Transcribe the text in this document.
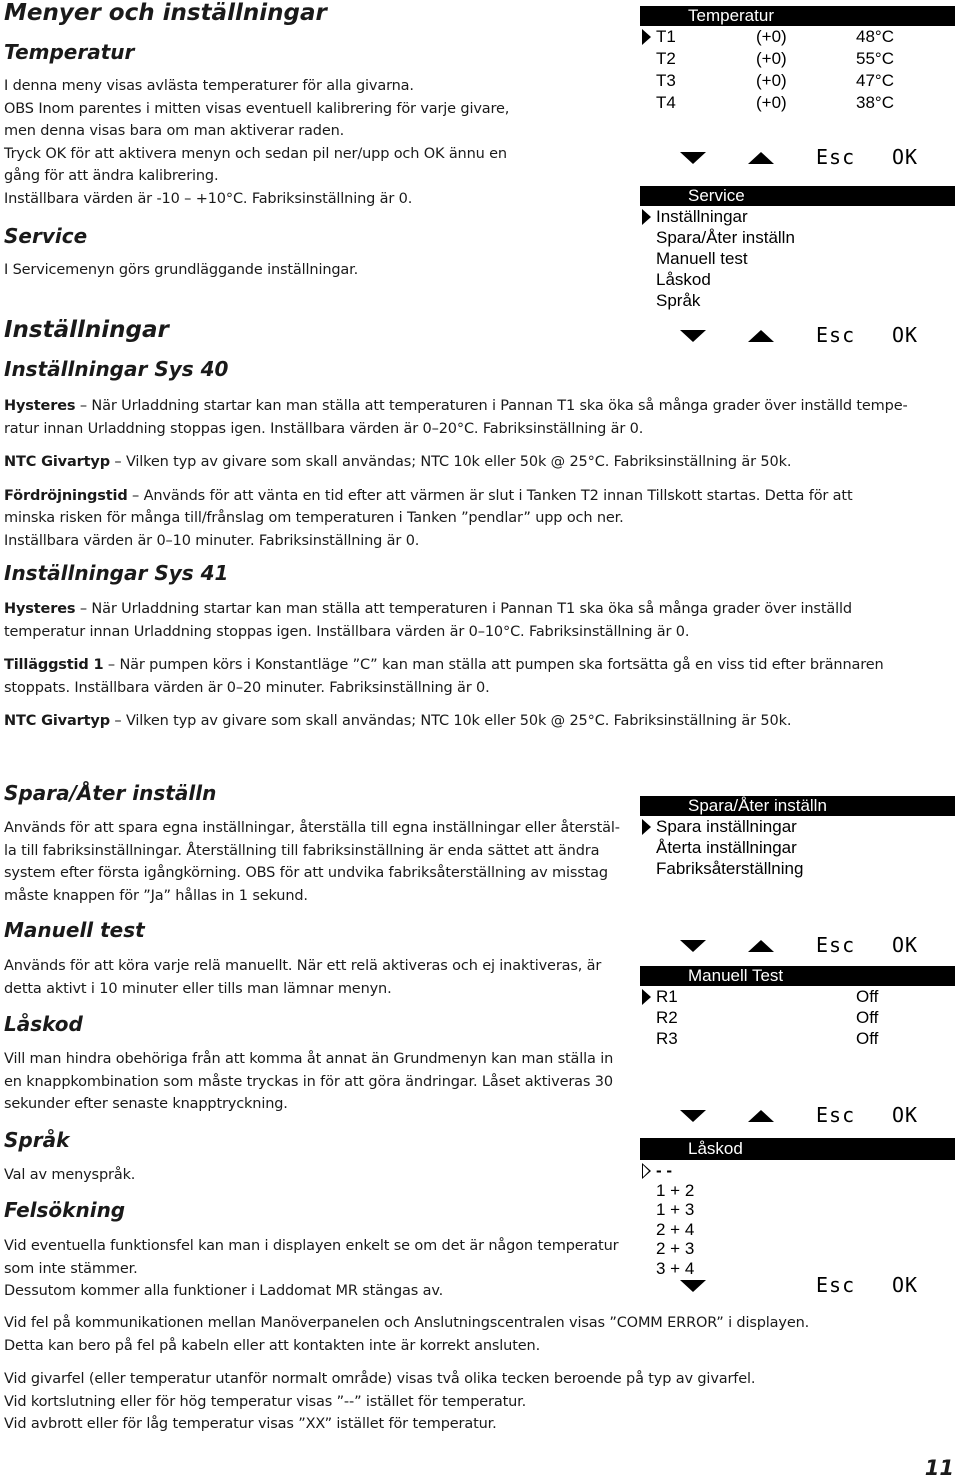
Menyer och inställningar
Temperatur
I denna meny visas avlästa temperaturer för alla givarna.
OBS Inom parentes i mitten visas eventuell kalibrering för varje givare,
men denna visas bara om man aktiverar raden.
Tryck OK för att aktivera menyn och sedan pil ner/upp och OK ännu en
gång för att ändra kalibrering.
Inställbara värden är -10 – +10°C. Fabriksinställning är 0.
Service
I Servicemenyn görs grundläggande inställningar.
Inställningar
Inställningar Sys 40
Hysteres – När Urladdning startar kan man ställa att temperaturen i Pannan T1 ska öka så många grader över inställd tempe-
ratur innan Urladdning stoppas igen. Inställbara värden är 0–20°C. Fabriksinställning är 0.
NTC Givartyp – Vilken typ av givare som skall användas; NTC 10k eller 50k @ 25°C. Fabriksinställning är 50k.
Fördröjningstid – Används för att vänta en tid efter att värmen är slut i Tanken T2 innan Tillskott startas. Detta för att
minska risken för många till/frånslag om temperaturen i Tanken ”pendlar” upp och ner.
Inställbara värden är 0–10 minuter. Fabriksinställning är 0.
Inställningar Sys 41
Hysteres – När Urladdning startar kan man ställa att temperaturen i Pannan T1 ska öka så många grader över inställd
temperatur innan Urladdning stoppas igen. Inställbara värden är 0–10°C. Fabriksinställning är 0.
Tilläggstid 1 – När pumpen körs i Konstantläge ”C” kan man ställa att pumpen ska fortsätta gå en viss tid efter brännaren
stoppats. Inställbara värden är 0–20 minuter. Fabriksinställning är 0.
NTC Givartyp – Vilken typ av givare som skall användas; NTC 10k eller 50k @ 25°C. Fabriksinställning är 50k.
Spara/Åter inställn
Används för att spara egna inställningar, återställa till egna inställningar eller återstäl-
la till fabriksinställningar. Återställning till fabriksinställning är enda sättet att ändra
system efter första igångkörning. OBS för att undvika fabriksåterställning av misstag
måste knappen för ”Ja” hållas in 1 sekund.
Manuell test
Används för att köra varje relä manuellt. När ett relä aktiveras och ej inaktiveras, är
detta aktivt i 10 minuter eller tills man lämnar menyn.
Låskod
Vill man hindra obehöriga från att komma åt annat än Grundmenyn kan man ställa in
en knappkombination som måste tryckas in för att göra ändringar. Låset aktiveras 30
sekunder efter senaste knapptryckning.
Språk
Val av menyspråk.
Felsökning
Vid eventuella funktionsfel kan man i displayen enkelt se om det är någon temperatur
som inte stämmer.
Dessutom kommer alla funktioner i Laddomat MR stängas av.
Vid fel på kommunikationen mellan Manöverpanelen och Anslutningscentralen visas ”COMM ERROR” i displayen.
Detta kan bero på fel på kabeln eller att kontakten inte är korrekt ansluten.
Vid givarfel (eller temperatur utanför normalt område) visas två olika tecken beroende på typ av givarfel.
Vid kortslutning eller för hög temperatur visas ”--” istället för temperatur.
Vid avbrott eller för låg temperatur visas ”XX” istället för temperatur.
11
Temperatur
T1	(+0)	48°C
T2	(+0)	55°C
T3	(+0)	47°C
T4	(+0)	38°C
Esc OK
Service
Inställningar
Spara/Åter inställn
Manuell test
Låskod
Språk
Esc OK
Spara/Åter inställn
Spara inställningar
Återta inställningar
Fabriksåterställning
Esc OK
Manuell Test
R1	Off
R2	Off
R3	Off
Esc OK
Låskod
- -
1 + 2
1 + 3
2 + 4
2 + 3
3 + 4
Esc OK
